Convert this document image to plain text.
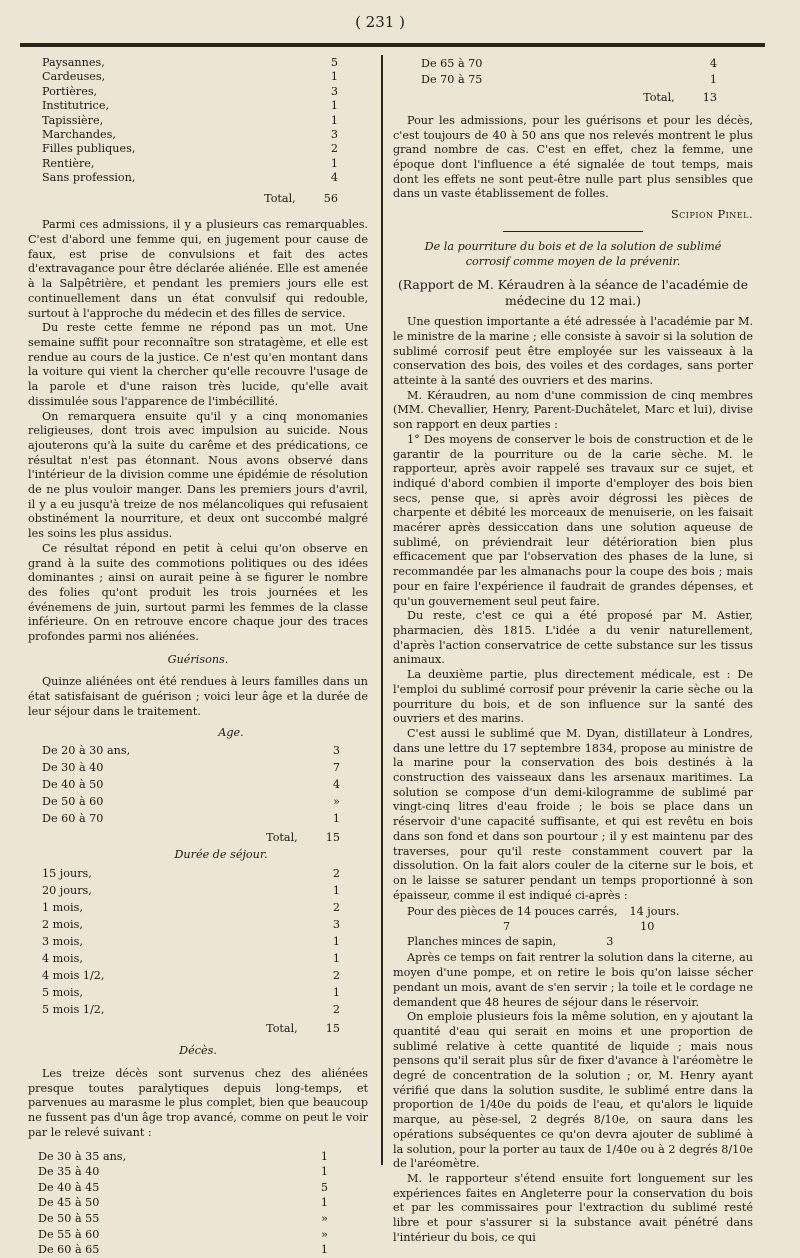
( 231 )
Paysannes,	5
Cardeuses,	1
Portières,	3
Institutrice,	1
Tapissière,	1
Marchandes,	3
Filles publiques,	2
Rentière,	1
Sans profession,	4
Total,	56

Parmi ces admissions, il y a plusieurs cas remarquables. C'est d'abord une femme qui, en jugement pour cause de faux, est prise de convulsions et fait des actes d'extravagance pour être déclarée aliénée. Elle est amenée à la Salpêtrière, et pendant les premiers jours elle est continuellement dans un état convulsif qui redouble, surtout à l'approche du médecin et des filles de service.

Du reste cette femme ne répond pas un mot. Une semaine suffit pour reconnaître son stratagème, et elle est rendue au cours de la justice. Ce n'est qu'en montant dans la voiture qui vient la chercher qu'elle recouvre l'usage de la parole et d'une raison très lucide, qu'elle avait dissimulée sous l'apparence de l'imbécillité.

On remarquera ensuite qu'il y a cinq monomanies religieuses, dont trois avec impulsion au suicide. Nous ajouterons qu'à la suite du carême et des prédications, ce résultat n'est pas étonnant. Nous avons observé dans l'intérieur de la division comme une épidémie de résolution de ne plus vouloir manger. Dans les premiers jours d'avril, il y a eu jusqu'à treize de nos mélancoliques qui refusaient obstinément la nourriture, et deux ont succombé malgré les soins les plus assidus.

Ce résultat répond en petit à celui qu'on observe en grand à la suite des commotions politiques ou des idées dominantes ; ainsi on aurait peine à se figurer le nombre des folies qu'ont produit les trois journées et les événemens de juin, surtout parmi les femmes de la classe inférieure. On en retrouve encore chaque jour des traces profondes parmi nos aliénées.

Guérisons.

Quinze aliénées ont été rendues à leurs familles dans un état satisfaisant de guérison ; voici leur âge et la durée de leur séjour dans le traitement.

Age.
De 20 à 30 ans,	3
De 30 à 40	7
De 40 à 50	4
De 50 à 60	»
De 60 à 70	1
Total,	15
Durée de séjour.
15 jours,	2
20 jours,	1
1 mois,	2
2 mois,	3
3 mois,	1
4 mois,	1
4 mois 1/2,	2
5 mois,	1
5 mois 1/2,	2
Total,	15
Décès.

Les treize décès sont survenus chez des aliénées presque toutes paralytiques depuis long-temps, et parvenues au marasme le plus complet, bien que beaucoup ne fussent pas d'un âge trop avancé, comme on peut le voir par le relevé suivant :

De 30 à 35 ans,	1
De 35 à 40	1
De 40 à 45	5
De 45 à 50	1
De 50 à 55	»
De 55 à 60	»
De 60 à 65	1
De 65 à 70	4
De 70 à 75	1
Total,	13

Pour les admissions, pour les guérisons et pour les décès, c'est toujours de 40 à 50 ans que nos relevés montrent le plus grand nombre de cas. C'est en effet, chez la femme, une époque dont l'influence a été signalée de tout temps, mais dont les effets ne sont peut-être nulle part plus sensibles que dans un vaste établissement de folles.

Scipion Pinel.
De la pourriture du bois et de la solution de sublimé corrosif comme moyen de la prévenir.
(Rapport de M. Kéraudren à la séance de l'académie de médecine du 12 mai.)

Une question importante a été adressée à l'académie par M. le ministre de la marine ; elle consiste à savoir si la solution de sublimé corrosif peut être employée sur les vaisseaux à la conservation des bois, des voiles et des cordages, sans porter atteinte à la santé des ouvriers et des marins.

M. Kéraudren, au nom d'une commission de cinq membres (MM. Chevallier, Henry, Parent-Duchâtelet, Marc et lui), divise son rapport en deux parties :

1° Des moyens de conserver le bois de construction et de le garantir de la pourriture ou de la carie sèche. M. le rapporteur, après avoir rappelé ses travaux sur ce sujet, et indiqué d'abord combien il importe d'employer des bois bien secs, pense que, si après avoir dégrossi les pièces de charpente et débité les morceaux de menuiserie, on les faisait macérer après dessiccation dans une solution aqueuse de sublimé, on préviendrait leur détérioration bien plus efficacement que par l'observation des phases de la lune, si recommandée par les almanachs pour la coupe des bois ; mais pour en faire l'expérience il faudrait de grandes dépenses, et qu'un gouvernement seul peut faire.

Du reste, c'est ce qui a été proposé par M. Astier, pharmacien, dès 1815. L'idée a du venir naturellement, d'après l'action conservatrice de cette substance sur les tissus animaux.

La deuxième partie, plus directement médicale, est : De l'emploi du sublimé corrosif pour prévenir la carie sèche ou la pourriture du bois, et de son influence sur la santé des ouvriers et des marins.

C'est aussi le sublimé que M. Dyan, distillateur à Londres, dans une lettre du 17 septembre 1834, propose au ministre de la marine pour la conservation des bois destinés à la construction des vaisseaux dans les arsenaux maritimes. La solution se compose d'un demi-kilogramme de sublimé par vingt-cinq litres d'eau froide ; le bois se place dans un réservoir d'une capacité suffisante, et qui est revêtu en bois dans son fond et dans son pourtour ; il y est maintenu par des traverses, pour qu'il reste constamment couvert par la dissolution. On la fait alors couler de la citerne sur le bois, et on le laisse se saturer pendant un temps proportionné à son épaisseur, comme il est indiqué ci-après :

Pour des pièces de 14 pouces carrés, 14 jours.
7	10
Planches minces de sapin,	3

Après ce temps on fait rentrer la solution dans la citerne, au moyen d'une pompe, et on retire le bois qu'on laisse sécher pendant un mois, avant de s'en servir ; la toile et le cordage ne demandent que 48 heures de séjour dans le réservoir.

On emploie plusieurs fois la même solution, en y ajoutant la quantité d'eau qui serait en moins et une proportion de sublimé relative à cette quantité de liquide ; mais nous pensons qu'il serait plus sûr de fixer d'avance à l'aréomètre le degré de concentration de la solution ; or, M. Henry ayant vérifié que dans la solution susdite, le sublimé entre dans la proportion de 1/40e du poids de l'eau, et qu'alors le liquide marque, au pèse-sel, 2 degrés 8/10e, on saura dans les opérations subséquentes ce qu'on devra ajouter de sublimé à la solution, pour la porter au taux de 1/40e ou à 2 degrés 8/10e de l'aréomètre.

M. le rapporteur s'étend ensuite fort longuement sur les expériences faites en Angleterre pour la conservation du bois et par les commissaires pour l'extraction du sublimé resté libre et pour s'assurer si la substance avait pénétré dans l'intérieur du bois, ce qui
